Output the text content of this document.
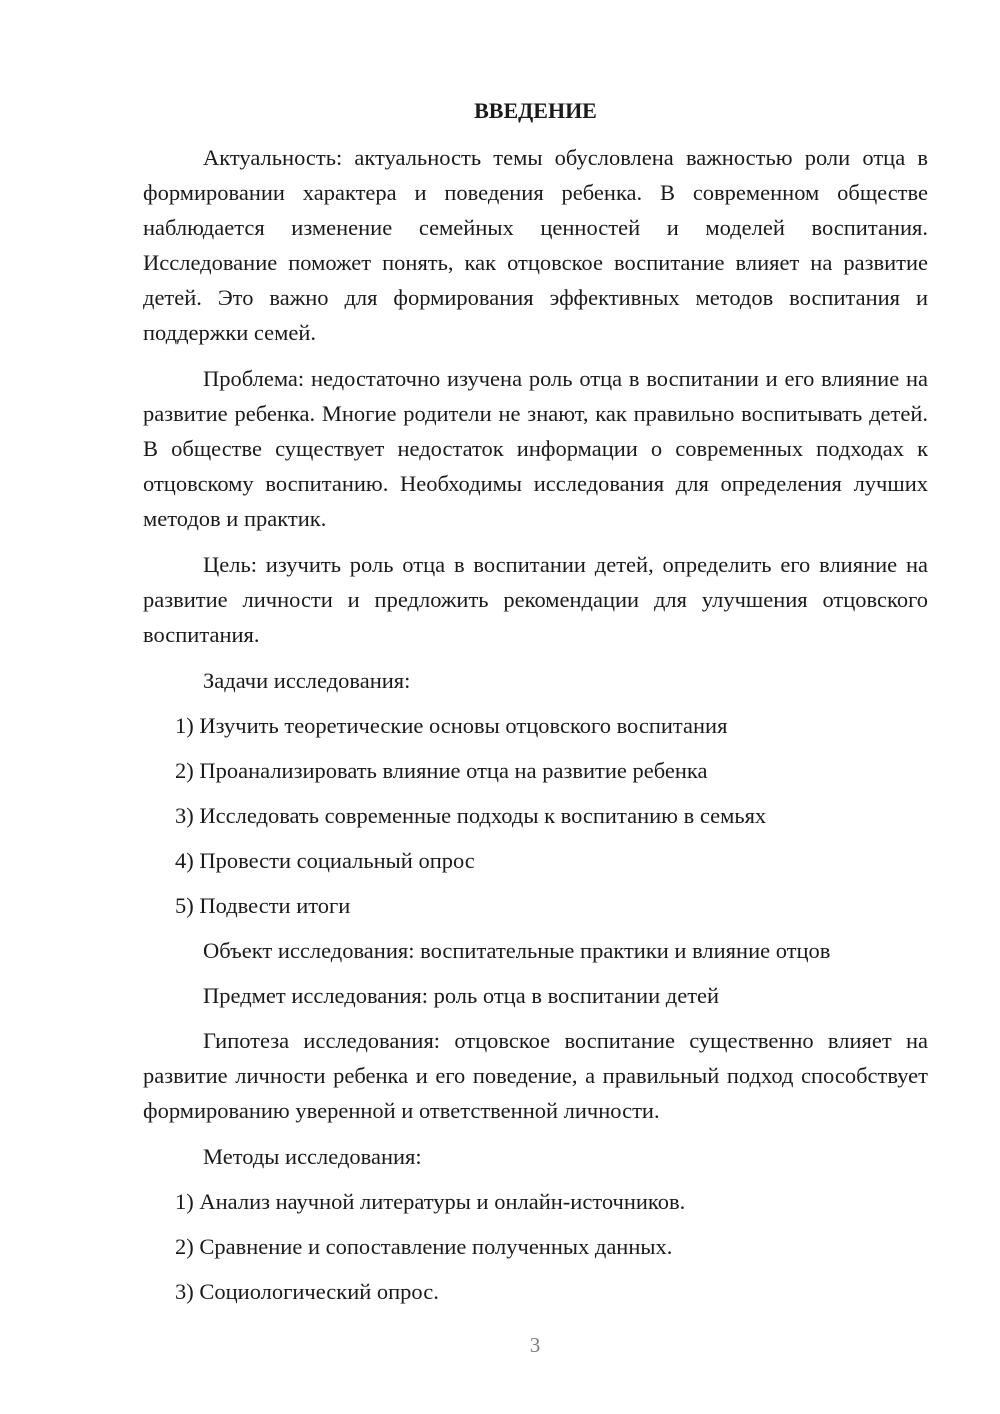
ВВЕДЕНИЕ

Актуальность: актуальность темы обусловлена важностью роли отца в формировании характера и поведения ребенка. В современном обществе наблюдается изменение семейных ценностей и моделей воспитания. Исследование поможет понять, как отцовское воспитание влияет на развитие детей. Это важно для формирования эффективных методов воспитания и поддержки семей.

Проблема: недостаточно изучена роль отца в воспитании и его влияние на развитие ребенка. Многие родители не знают, как правильно воспитывать детей. В обществе существует недостаток информации о современных подходах к отцовскому воспитанию. Необходимы исследования для определения лучших методов и практик.

Цель: изучить роль отца в воспитании детей, определить его влияние на развитие личности и предложить рекомендации для улучшения отцовского воспитания.

Задачи исследования:

1) Изучить теоретические основы отцовского воспитания

2) Проанализировать влияние отца на развитие ребенка

3) Исследовать современные подходы к воспитанию в семьях

4) Провести социальный опрос

5) Подвести итоги

Объект исследования: воспитательные практики и влияние отцов

Предмет исследования: роль отца в воспитании детей

Гипотеза исследования: отцовское воспитание существенно влияет на развитие личности ребенка и его поведение, а правильный подход способствует формированию уверенной и ответственной личности.

Методы исследования:

1) Анализ научной литературы и онлайн-источников.

2) Сравнение и сопоставление полученных данных.

3) Социологический опрос.

3
